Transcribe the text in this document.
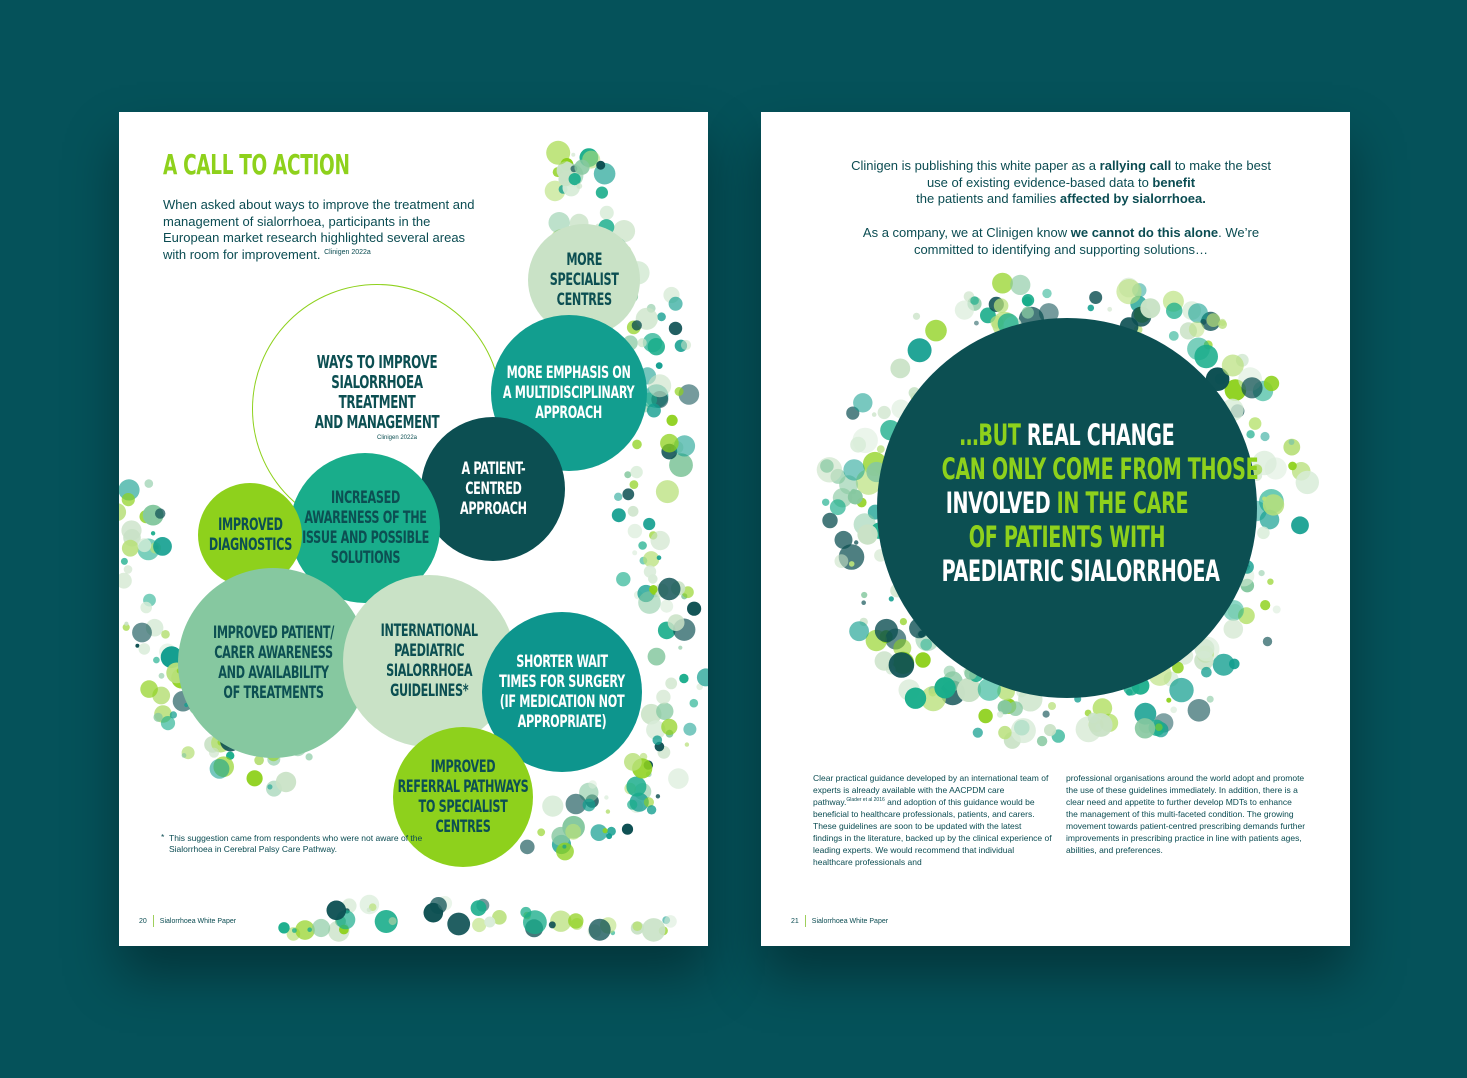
A CALL TO ACTION

When asked about ways to improve the treatment and management of sialorrhoea, participants in the European market research highlighted several areas with room for improvement. $^{Clinigen 2022a}$

WAYS TO IMPROVE
SIALORRHOEA TREATMENT
AND MANAGEMENT
Clinigen 2022a
MORE
SPECIALIST
CENTRES
MORE EMPHASIS ON
A MULTIDISCIPLINARY
APPROACH
A PATIENT-
CENTRED
APPROACH
INCREASED
AWARENESS OF THE
ISSUE AND POSSIBLE
SOLUTIONS
IMPROVED
DIAGNOSTICS
IMPROVED PATIENT/
CARER AWARENESS
AND AVAILABILITY
OF TREATMENTS
INTERNATIONAL
PAEDIATRIC
SIALORRHOEA
GUIDELINES*
SHORTER WAIT
TIMES FOR SURGERY
(IF MEDICATION NOT
APPROPRIATE)
IMPROVED
REFERRAL PATHWAYS
TO SPECIALIST
CENTRES

* This suggestion came from respondents who were not aware of the Sialorrhoea in Cerebral Palsy Care Pathway.

20 Sialorrhoea White Paper

Clinigen is publishing this white paper as a rallying call to make the best use of existing evidence-based data to benefit
the patients and families affected by sialorrhoea.

As a company, we at Clinigen know we cannot do this alone. We’re committed to identifying and supporting solutions…

…BUT REAL CHANGE
CAN ONLY COME FROM THOSE
INVOLVED IN THE CARE
OF PATIENTS WITH
PAEDIATRIC SIALORRHOEA

Clear practical guidance developed by an international team of experts is already available with the AACPDM care pathway.$^{Glader et al 2016}$ and adoption of this guidance would be beneficial to healthcare professionals, patients, and carers. These guidelines are soon to be updated with the latest findings in the literature, backed up by the clinical experience of leading experts. We would recommend that individual healthcare professionals and

professional organisations around the world adopt and promote the use of these guidelines immediately. In addition, there is a clear need and appetite to further develop MDTs to enhance the management of this multi-faceted condition. The growing movement towards patient-centred prescribing demands further improvements in prescribing practice in line with patients ages, abilities, and preferences.

21 Sialorrhoea White Paper
